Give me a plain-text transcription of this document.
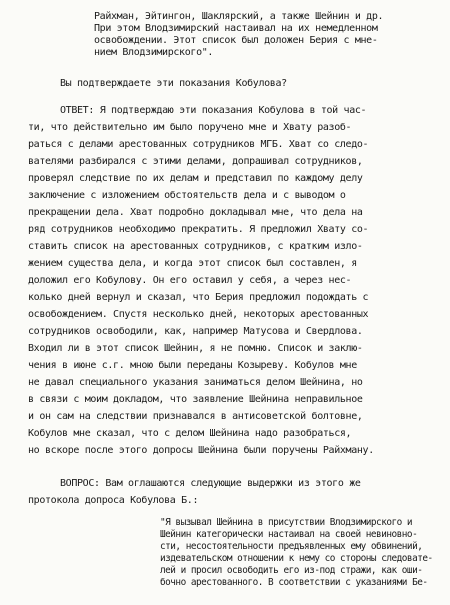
Райхман, Эйтингон, Шаклярский, а также Шейнин и др.
При этом Влодзимирский настаивал на их немедленном
освобождении. Этот список был доложен Берия с мне-
нием Влодзимирского".
Вы подтверждаете эти показания Кобулова?
ОТВЕТ: Я подтверждаю эти показания Кобулова в той час-
ти, что действительно им было поручено мне и Хвату разоб-
раться с делами арестованных сотрудников МГБ. Хват со следо-
вателями разбирался с этими делами, допрашивал сотрудников,
проверял следствие по их делам и представил по каждому делу
заключение с изложением обстоятельств дела и с выводом о
прекращении дела. Хват подробно докладывал мне, что дела на
ряд сотрудников необходимо прекратить. Я предложил Хвату со-
ставить список на арестованных сотрудников, с кратким изло-
жением существа дела, и когда этот список был составлен, я
доложил его Кобулову. Он его оставил у себя, а через нес-
колько дней вернул и сказал, что Берия предложил подождать с
освобождением. Спустя несколько дней, некоторых арестованных
сотрудников освободили, как, например Матусова и Свердлова.
Входил ли в этот список Шейнин, я не помню. Список и заклю-
чения в июне с.г. мною были переданы Козыреву. Кобулов мне
не давал специального указания заниматься делом Шейнина, но
в связи с моим докладом, что заявление Шейнина неправильное
и он сам на следствии признавался в антисоветской болтовне,
Кобулов мне сказал, что с делом Шейнина надо разобраться,
но вскоре после этого допросы Шейнина были поручены Райхману.
ВОПРОС: Вам оглашаются следующие выдержки из этого же
протокола допроса Кобулова Б.:
"Я вызывал Шейнина в присутствии Влодзимирского и
Шейнин категорически настаивал на своей невиновно-
сти, несостоятельности предъявленных ему обвинений,
издевательском отношении к нему со стороны следовате-
лей и просил освободить его из-под стражи, как оши-
бочно арестованного. В соответствии с указаниями Бе-
